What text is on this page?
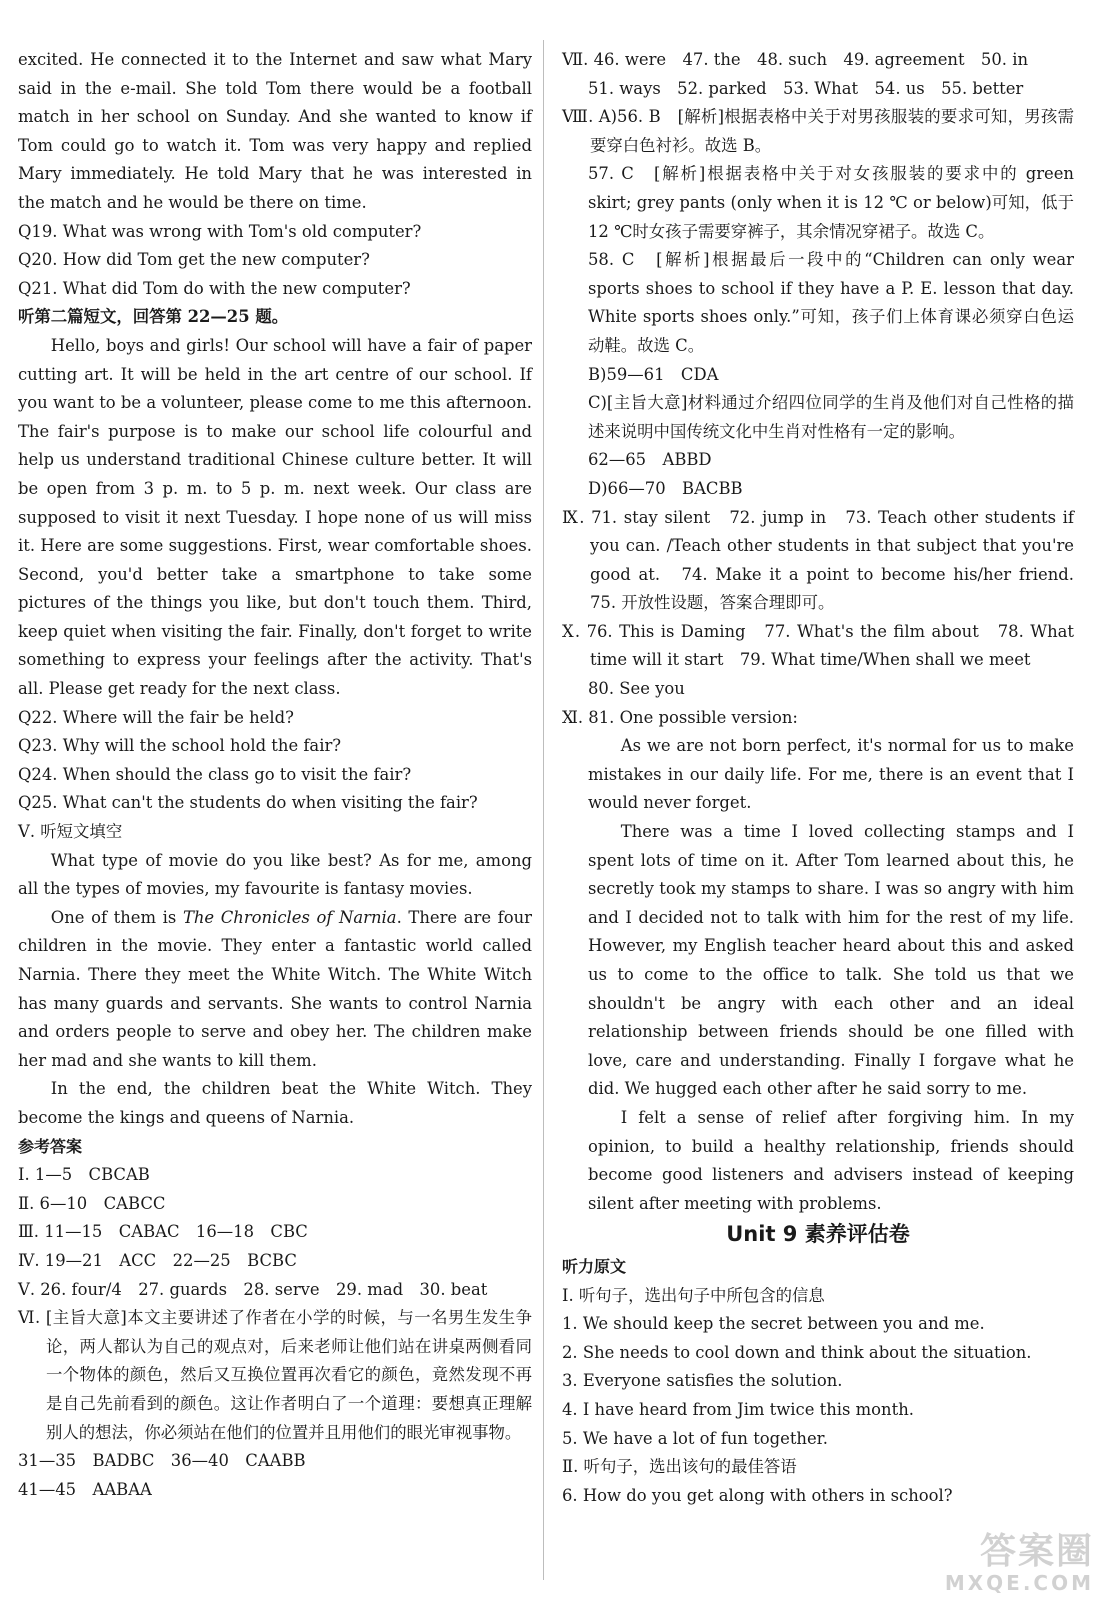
excited. He connected it to the Internet and saw what Mary said in the e-mail. She told Tom there would be a football match in her school on Sunday. And she wanted to know if Tom could go to watch it. Tom was very happy and replied Mary immediately. He told Mary that he was interested in the match and he would be there on time.

Q19. What was wrong with Tom's old computer?

Q20. How did Tom get the new computer?

Q21. What did Tom do with the new computer?

听第二篇短文，回答第 22—25 题。

Hello, boys and girls! Our school will have a fair of paper cutting art. It will be held in the art centre of our school. If you want to be a volunteer, please come to me this afternoon. The fair's purpose is to make our school life colourful and help us understand traditional Chinese culture better. It will be open from 3 p. m. to 5 p. m. next week. Our class are supposed to visit it next Tuesday. I hope none of us will miss it. Here are some suggestions. First, wear comfortable shoes. Second, you'd better take a smartphone to take some pictures of the things you like, but don't touch them. Third, keep quiet when visiting the fair. Finally, don't forget to write something to express your feelings after the activity. That's all. Please get ready for the next class.

Q22. Where will the fair be held?

Q23. Why will the school hold the fair?

Q24. When should the class go to visit the fair?

Q25. What can't the students do when visiting the fair?

Ⅴ. 听短文填空

What type of movie do you like best? As for me, among all the types of movies, my favourite is fantasy movies.

One of them is The Chronicles of Narnia. There are four children in the movie. They enter a fantastic world called Narnia. There they meet the White Witch. The White Witch has many guards and servants. She wants to control Narnia and orders people to serve and obey her. The children make her mad and she wants to kill them.

In the end, the children beat the White Witch. They become the kings and queens of Narnia.

参考答案

Ⅰ. 1—5　CBCAB

Ⅱ. 6—10　CABCC

Ⅲ. 11—15　CABAC　16—18　CBC

Ⅳ. 19—21　ACC　22—25　BCBC

Ⅴ. 26. four/4　27. guards　28. serve　29. mad　30. beat

Ⅵ. [主旨大意]本文主要讲述了作者在小学的时候，与一名男生发生争论，两人都认为自己的观点对，后来老师让他们站在讲桌两侧看同一个物体的颜色，然后又互换位置再次看它的颜色，竟然发现不再是自己先前看到的颜色。这让作者明白了一个道理：要想真正理解别人的想法，你必须站在他们的位置并且用他们的眼光审视事物。

31—35　BADBC　36—40　CAABB

41—45　AABAA

Ⅶ. 46. were　47. the　48. such　49. agreement　50. in

51. ways　52. parked　53. What　54. us　55. better

Ⅷ. A)56. B　[解析]根据表格中关于对男孩服装的要求可知，男孩需要穿白色衬衫。故选 B。

57. C　[解析]根据表格中关于对女孩服装的要求中的 green skirt; grey pants (only when it is 12 ℃ or below)可知，低于12 ℃时女孩子需要穿裤子，其余情况穿裙子。故选 C。

58. C　[解析]根据最后一段中的“Children can only wear sports shoes to school if they have a P. E. lesson that day. White sports shoes only.”可知，孩子们上体育课必须穿白色运动鞋。故选 C。

B)59—61　CDA

C)[主旨大意]材料通过介绍四位同学的生肖及他们对自己性格的描述来说明中国传统文化中生肖对性格有一定的影响。

62—65　ABBD

D)66—70　BACBB

Ⅸ. 71. stay silent　72. jump in　73. Teach other students if you can. /Teach other students in that subject that you're good at.　74. Make it a point to become his/her friend.　75. 开放性设题，答案合理即可。

Ⅹ. 76. This is Daming　77. What's the film about　78. What time will it start　79. What time/When shall we meet

80. See you

Ⅺ. 81. One possible version:

As we are not born perfect, it's normal for us to make mistakes in our daily life. For me, there is an event that I would never forget.

There was a time I loved collecting stamps and I spent lots of time on it. After Tom learned about this, he secretly took my stamps to share. I was so angry with him and I decided not to talk with him for the rest of my life. However, my English teacher heard about this and asked us to come to the office to talk. She told us that we shouldn't be angry with each other and an ideal relationship between friends should be one filled with love, care and understanding. Finally I forgave what he did. We hugged each other after he said sorry to me.

I felt a sense of relief after forgiving him. In my opinion, to build a healthy relationship, friends should become good listeners and advisers instead of keeping silent after meeting with problems.

Unit 9 素养评估卷

听力原文

Ⅰ. 听句子，选出句子中所包含的信息

1. We should keep the secret between you and me.

2. She needs to cool down and think about the situation.

3. Everyone satisfies the solution.

4. I have heard from Jim twice this month.

5. We have a lot of fun together.

Ⅱ. 听句子，选出该句的最佳答语

6. How do you get along with others in school?

答案圈
MXQE.COM
